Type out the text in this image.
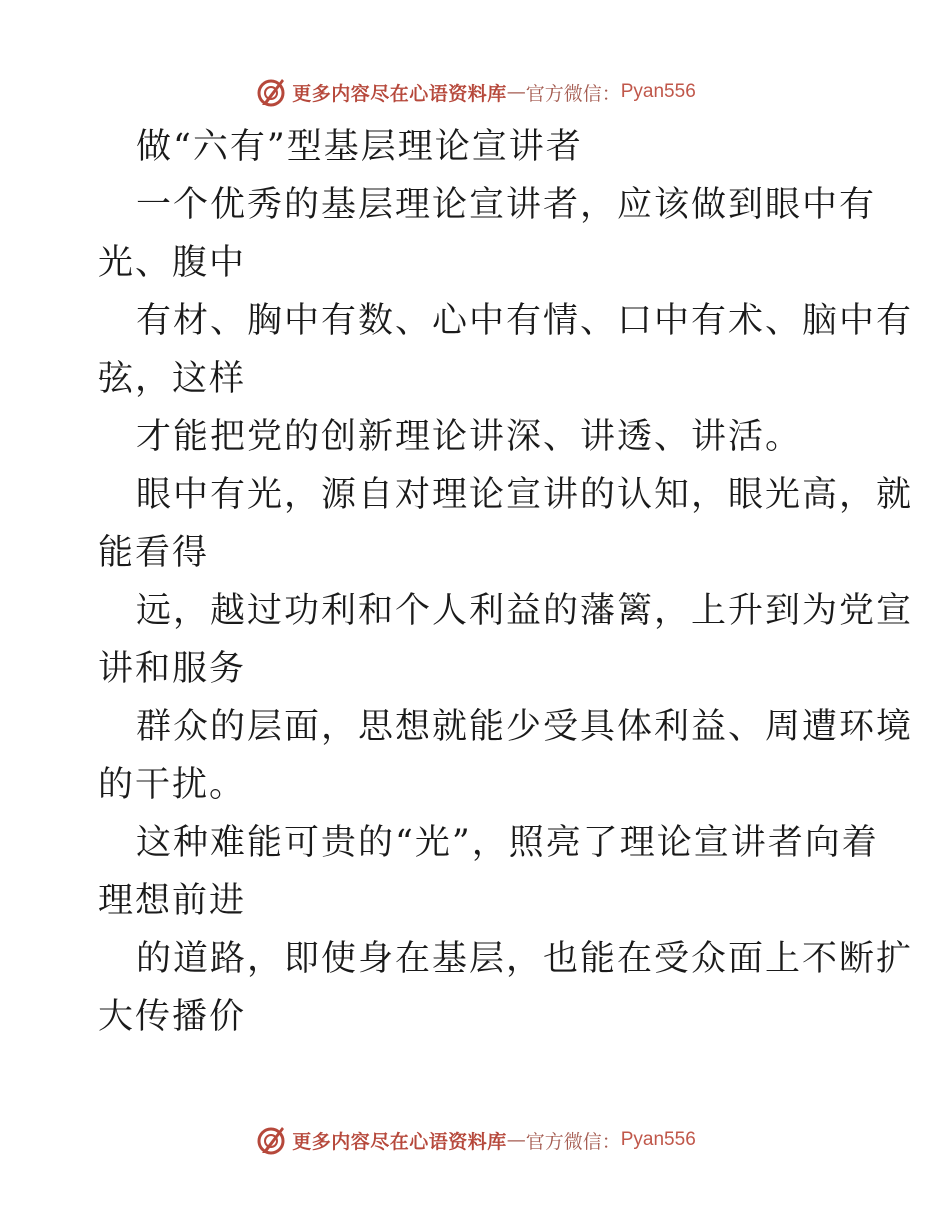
更多内容尽在心语资料库 — 官方微信： Pyan556
做“六有”型基层理论宣讲者
一个优秀的基层理论宣讲者，应该做到眼中有
光、腹中
有材、胸中有数、心中有情、口中有术、脑中有
弦，这样
才能把党的创新理论讲深、讲透、讲活。
眼中有光，源自对理论宣讲的认知，眼光高，就
能看得
远，越过功利和个人利益的藩篱，上升到为党宣
讲和服务
群众的层面，思想就能少受具体利益、周遭环境
的干扰。
这种难能可贵的“光”，照亮了理论宣讲者向着
理想前进
的道路，即使身在基层，也能在受众面上不断扩
大传播价
更多内容尽在心语资料库 — 官方微信： Pyan556
